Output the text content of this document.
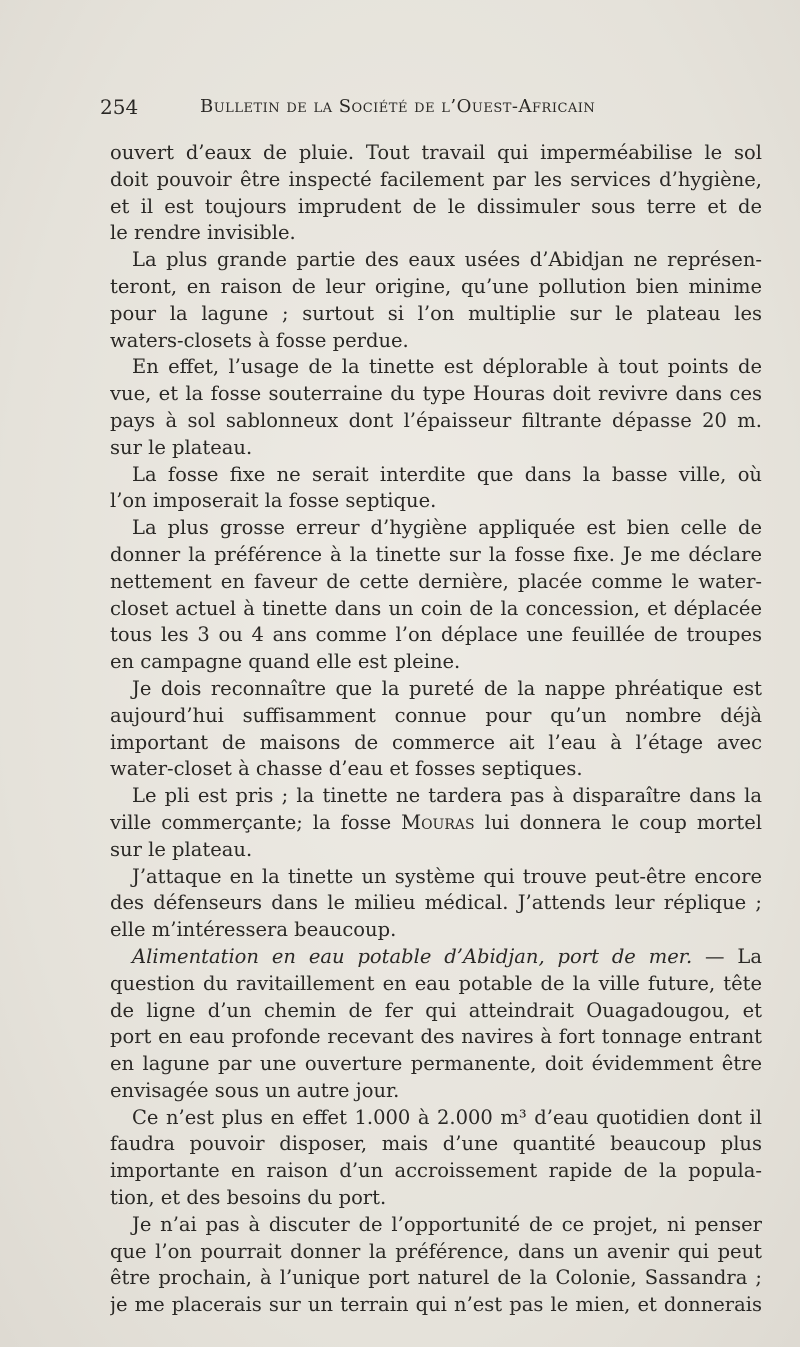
254	Bulletin de la Société de l’Ouest-Africain
ouvert d’eaux de pluie. Tout travail qui imperméabilise le sol
doit pouvoir être inspecté facilement par les services d’hygiène,
et il est toujours imprudent de le dissimuler sous terre et de
le rendre invisible.
La plus grande partie des eaux usées d’Abidjan ne représen-
teront, en raison de leur origine, qu’une pollution bien minime
pour la lagune ; surtout si l’on multiplie sur le plateau les
waters-closets à fosse perdue.
En effet, l’usage de la tinette est déplorable à tout points de
vue, et la fosse souterraine du type Houras doit revivre dans ces
pays à sol sablonneux dont l’épaisseur filtrante dépasse 20 m.
sur le plateau.
La fosse fixe ne serait interdite que dans la basse ville, où
l’on imposerait la fosse septique.
La plus grosse erreur d’hygiène appliquée est bien celle de
donner la préférence à la tinette sur la fosse fixe. Je me déclare
nettement en faveur de cette dernière, placée comme le water-
closet actuel à tinette dans un coin de la concession, et déplacée
tous les 3 ou 4 ans comme l’on déplace une feuillée de troupes
en campagne quand elle est pleine.
Je dois reconnaître que la pureté de la nappe phréatique est
aujourd’hui suffisamment connue pour qu’un nombre déjà
important de maisons de commerce ait l’eau à l’étage avec
water-closet à chasse d’eau et fosses septiques.
Le pli est pris ; la tinette ne tardera pas à disparaître dans la
ville commerçante; la fosse Mouras lui donnera le coup mortel
sur le plateau.
J’attaque en la tinette un système qui trouve peut-être encore
des défenseurs dans le milieu médical. J’attends leur réplique ;
elle m’intéressera beaucoup.
Alimentation en eau potable d’Abidjan, port de mer. — La
question du ravitaillement en eau potable de la ville future, tête
de ligne d’un chemin de fer qui atteindrait Ouagadougou, et
port en eau profonde recevant des navires à fort tonnage entrant
en lagune par une ouverture permanente, doit évidemment être
envisagée sous un autre jour.
Ce n’est plus en effet 1.000 à 2.000 m³ d’eau quotidien dont il
faudra pouvoir disposer, mais d’une quantité beaucoup plus
importante en raison d’un accroissement rapide de la popula-
tion, et des besoins du port.
Je n’ai pas à discuter de l’opportunité de ce projet, ni penser
que l’on pourrait donner la préférence, dans un avenir qui peut
être prochain, à l’unique port naturel de la Colonie, Sassandra ;
je me placerais sur un terrain qui n’est pas le mien, et donnerais
